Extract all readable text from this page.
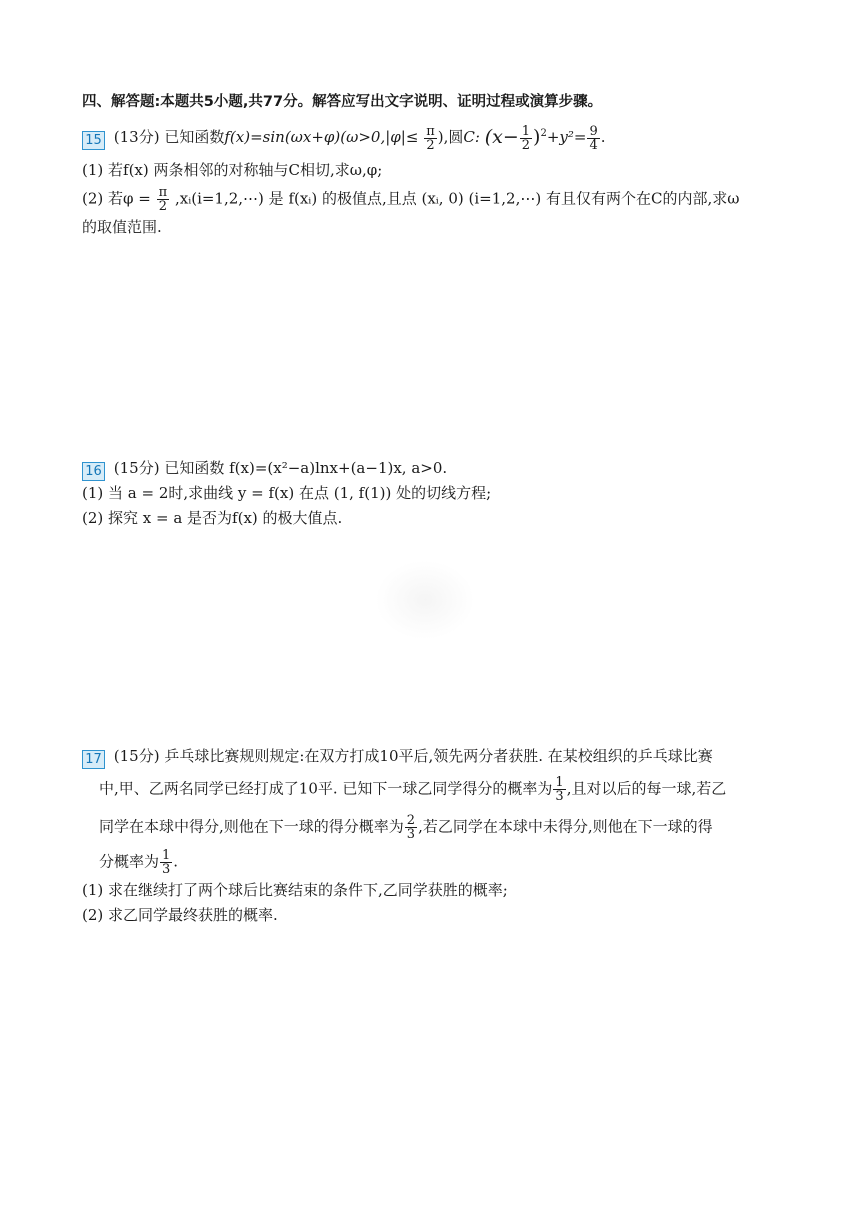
四、解答题:本题共5小题,共77分。解答应写出文字说明、证明过程或演算步骤。
15 (13分) 已知函数$f(x)=\sin(\omega x+\varphi)(\omega>0,|\varphi|\le \frac{\pi}{2}$ ),圆C: $(x- \frac{1}{2} )^2+y^2= \frac{9}{4}$ .
(1) 若f(x) 两条相邻的对称轴与C相切,求ω,φ;
(2) 若$\varphi = \frac{\pi}{2}$ ,xᵢ(i=1,2,⋯) 是 f(xᵢ) 的极值点,且点 (xᵢ, 0) (i=1,2,⋯) 有且仅有两个在C的内部,求ω
的取值范围.
16 (15分) 已知函数 f(x)=(x²−a)lnx+(a−1)x, a>0.
(1) 当 a = 2时,求曲线 y = f(x) 在点 (1, f(1)) 处的切线方程;
(2) 探究 x = a 是否为f(x) 的极大值点.
17 (15分) 乒乓球比赛规则规定:在双方打成10平后,领先两分者获胜. 在某校组织的乒乓球比赛
中,甲、乙两名同学已经打成了10平. 已知下一球乙同学得分的概率为 $\frac{1}{3}$ ,且对以后的每一球,若乙
同学在本球中得分,则他在下一球的得分概率为 $\frac{2}{3}$ ,若乙同学在本球中未得分,则他在下一球的得
分概率为 $\frac{1}{3}$ .
(1) 求在继续打了两个球后比赛结束的条件下,乙同学获胜的概率;
(2) 求乙同学最终获胜的概率.
